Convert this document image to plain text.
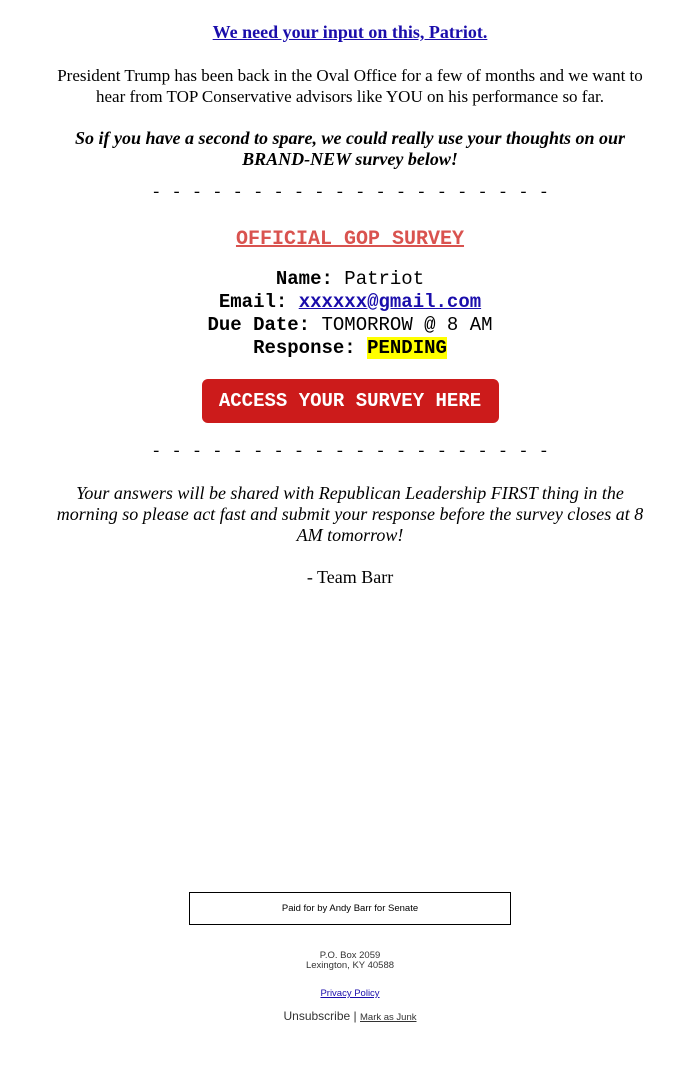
We need your input on this, Patriot.

President Trump has been back in the Oval Office for a few of months and we want to hear from TOP Conservative advisors like YOU on his performance so far.

So if you have a second to spare, we could really use your thoughts on our BRAND-NEW survey below!

- - - - - - - - - - - - - - - - - - - -
OFFICIAL GOP SURVEY
Name: Patriot
Email: xxxxxx@gmail.com
Due Date: TOMORROW @ 8 AM
Response: PENDING
ACCESS YOUR SURVEY HERE
- - - - - - - - - - - - - - - - - - - -

Your answers will be shared with Republican Leadership FIRST thing in the morning so please act fast and submit your response before the survey closes at 8 AM tomorrow!

- Team Barr

Paid for by Andy Barr for Senate
P.O. Box 2059
Lexington, KY 40588
Privacy Policy
Unsubscribe | Mark as Junk
